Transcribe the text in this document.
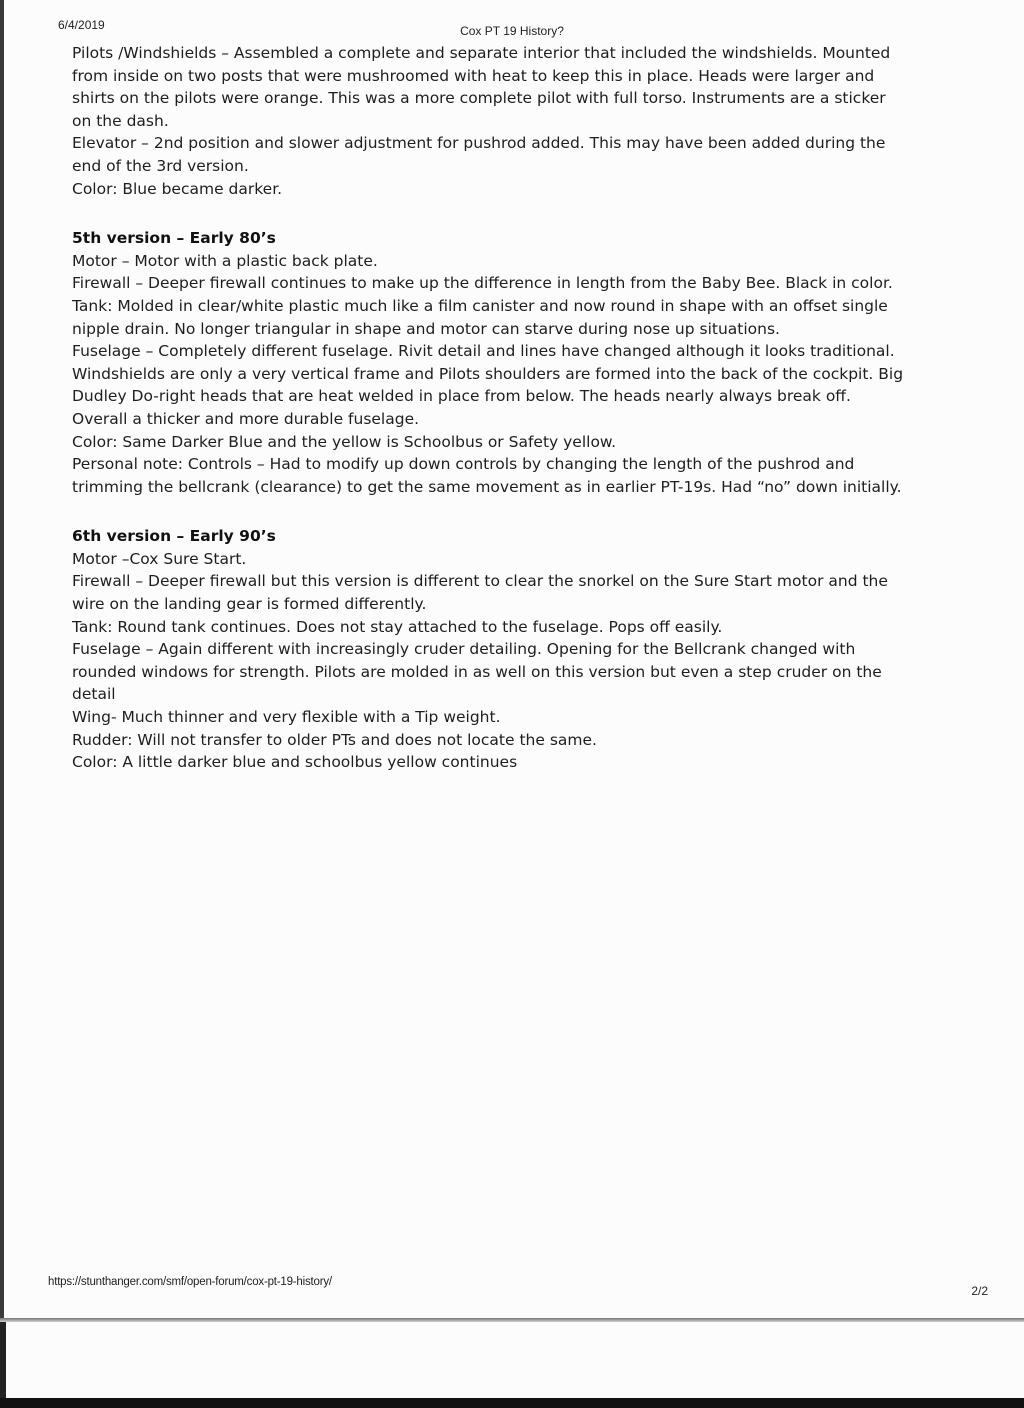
6/4/2019	Cox PT 19 History?
Pilots /Windshields – Assembled a complete and separate interior that included the windshields. Mounted
from inside on two posts that were mushroomed with heat to keep this in place. Heads were larger and
shirts on the pilots were orange. This was a more complete pilot with full torso. Instruments are a sticker
on the dash.
Elevator – 2nd position and slower adjustment for pushrod added. This may have been added during the
end of the 3rd version.
Color: Blue became darker.
5th version – Early 80’s
Motor – Motor with a plastic back plate.
Firewall – Deeper firewall continues to make up the difference in length from the Baby Bee. Black in color.
Tank: Molded in clear/white plastic much like a film canister and now round in shape with an offset single
nipple drain. No longer triangular in shape and motor can starve during nose up situations.
Fuselage – Completely different fuselage. Rivit detail and lines have changed although it looks traditional.
Windshields are only a very vertical frame and Pilots shoulders are formed into the back of the cockpit. Big
Dudley Do-right heads that are heat welded in place from below. The heads nearly always break off.
Overall a thicker and more durable fuselage.
Color: Same Darker Blue and the yellow is Schoolbus or Safety yellow.
Personal note: Controls – Had to modify up down controls by changing the length of the pushrod and
trimming the bellcrank (clearance) to get the same movement as in earlier PT-19s. Had “no” down initially.
6th version – Early 90’s
Motor –Cox Sure Start.
Firewall – Deeper firewall but this version is different to clear the snorkel on the Sure Start motor and the
wire on the landing gear is formed differently.
Tank: Round tank continues. Does not stay attached to the fuselage. Pops off easily.
Fuselage – Again different with increasingly cruder detailing. Opening for the Bellcrank changed with
rounded windows for strength. Pilots are molded in as well on this version but even a step cruder on the
detail
Wing- Much thinner and very flexible with a Tip weight.
Rudder: Will not transfer to older PTs and does not locate the same.
Color: A little darker blue and schoolbus yellow continues
https://stunthanger.com/smf/open-forum/cox-pt-19-history/
2/2
